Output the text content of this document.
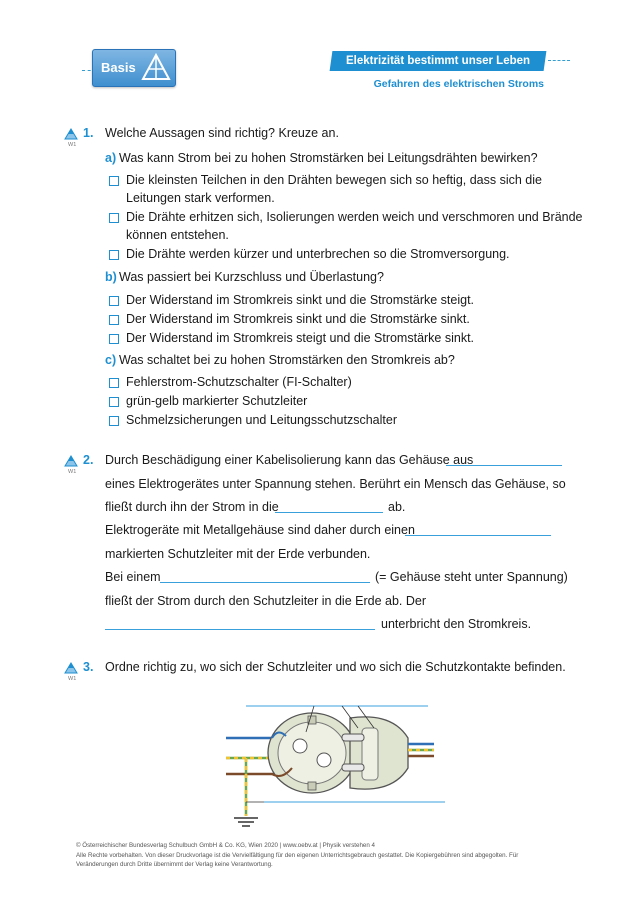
Basis	Elektrizität bestimmt unser Leben
Gefahren des elektrischen Stroms
W1
1. Welche Aussagen sind richtig? Kreuze an.
a) Was kann Strom bei zu hohen Stromstärken bei Leitungsdrähten bewirken?
Die kleinsten Teilchen in den Drähten bewegen sich so heftig, dass sich die
Leitungen stark verformen.
Die Drähte erhitzen sich, Isolierungen werden weich und verschmoren und Brände
können entstehen.
Die Drähte werden kürzer und unterbrechen so die Stromversorgung.
b) Was passiert bei Kurzschluss und Überlastung?
Der Widerstand im Stromkreis sinkt und die Stromstärke steigt.
Der Widerstand im Stromkreis sinkt und die Stromstärke sinkt.
Der Widerstand im Stromkreis steigt und die Stromstärke sinkt.
c) Was schaltet bei zu hohen Stromstärken den Stromkreis ab?
Fehlerstrom-Schutzschalter (FI-Schalter)
grün-gelb markierter Schutzleiter
Schmelzsicherungen und Leitungsschutzschalter
W1
2. Durch Beschädigung einer Kabelisolierung kann das Gehäuse aus
eines Elektrogerätes unter Spannung stehen. Berührt ein Mensch das Gehäuse, so
fließt durch ihn der Strom in die	ab.
Elektrogeräte mit Metallgehäuse sind daher durch einen
markierten Schutzleiter mit der Erde verbunden.
Bei einem	(= Gehäuse steht unter Spannung)
fließt der Strom durch den Schutzleiter in die Erde ab. Der
unterbricht den Stromkreis.
W1
3. Ordne richtig zu, wo sich der Schutzleiter und wo sich die Schutzkontakte befinden.
© Österreichischer Bundesverlag Schulbuch GmbH & Co. KG, Wien 2020 | www.oebv.at | Physik verstehen 4
Alle Rechte vorbehalten. Von dieser Druckvorlage ist die Vervielfältigung für den eigenen Unterrichtsgebrauch gestattet. Die Kopiergebühren sind abgegolten. Für
Veränderungen durch Dritte übernimmt der Verlag keine Verantwortung.
